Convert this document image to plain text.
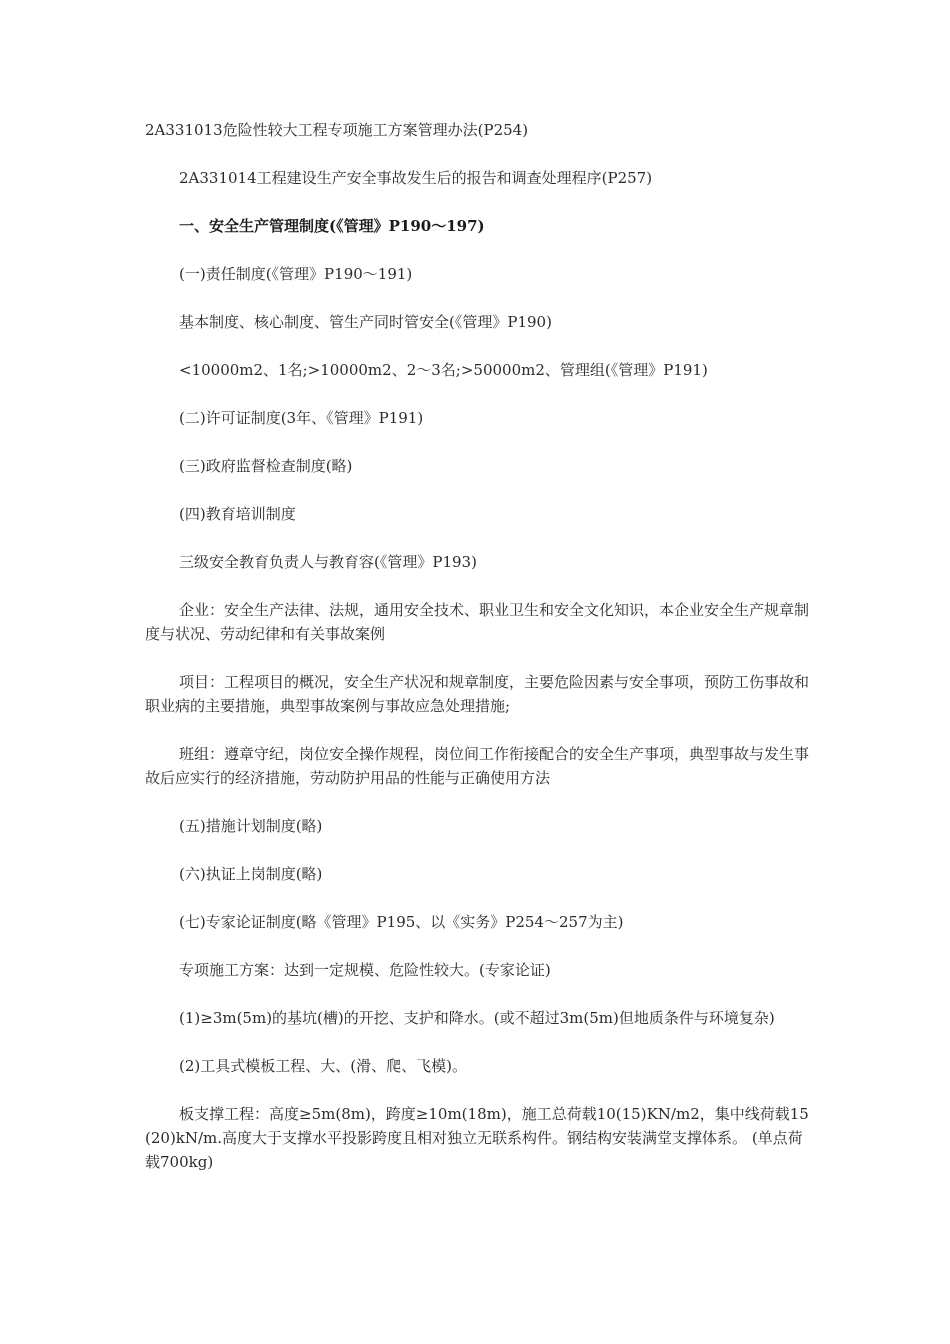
2A331013危险性较大工程专项施工方案管理办法(P254)

2A331014工程建设生产安全事故发生后的报告和调查处理程序(P257)

一、安全生产管理制度(《管理》P190～197)

(一)责任制度(《管理》P190～191)

基本制度、核心制度、管生产同时管安全(《管理》P190)

<10000m2、1名;>10000m2、2～3名;>50000m2、管理组(《管理》P191)

(二)许可证制度(3年、《管理》P191)

(三)政府监督检查制度(略)

(四)教育培训制度

三级安全教育负责人与教育容(《管理》P193)

企业：安全生产法律、法规，通用安全技术、职业卫生和安全文化知识，本企业安全生产规章制度与状况、劳动纪律和有关事故案例

项目：工程项目的概况，安全生产状况和规章制度，主要危险因素与安全事项，预防工伤事故和职业病的主要措施，典型事故案例与事故应急处理措施;

班组：遵章守纪，岗位安全操作规程，岗位间工作衔接配合的安全生产事项，典型事故与发生事故后应实行的经济措施，劳动防护用品的性能与正确使用方法

(五)措施计划制度(略)

(六)执证上岗制度(略)

(七)专家论证制度(略《管理》P195、以《实务》P254～257为主)

专项施工方案：达到一定规模、危险性较大。(专家论证)

(1)≥3m(5m)的基坑(槽)的开挖、支护和降水。(或不超过3m(5m)但地质条件与环境复杂)

(2)工具式模板工程、大、(滑、爬、飞模)。

板支撑工程：高度≥5m(8m)，跨度≥10m(18m)，施工总荷载10(15)KN/m2，集中线荷载15(20)kN/m.高度大于支撑水平投影跨度且相对独立无联系构件。钢结构安装满堂支撑体系。 (单点荷载700kg)
